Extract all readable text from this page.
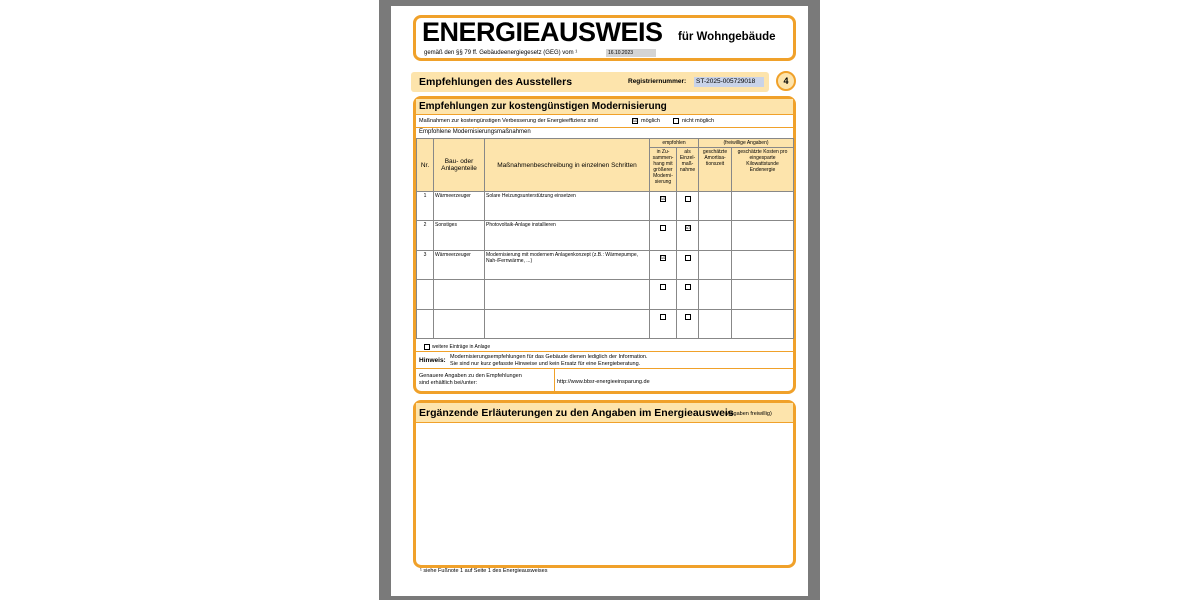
ENERGIEAUSWEIS für Wohngebäude
gemäß den §§ 79 ff. Gebäudeenergiegesetz (GEG) vom ¹	16.10.2023
Empfehlungen des Ausstellers	Registriernummer:	ST-2025-005729018	4
Empfehlungen zur kostengünstigen Modernisierung
Maßnahmen zur kostengünstigen Verbesserung der Energieeffizienz sind	☑ möglich	nicht möglich
Empfohlene Modernisierungsmaßnahmen
Nr.	Bau- oder Anlagenteile	Maßnahmenbeschreibung in einzelnen Schritten	empfohlen		(freiwillige Angaben)	
			in Zu-sammen-hang mit größerer Moderni-sierung	als Einzel-maß-nahme	geschätzte Amortisa-tionszeit	geschätzte Kosten pro eingesparte Kilowattstunde Endenergie

1	Wärmeerzeuger	Solare Heizungsunterstützung einsetzen	☑			
2	Sonstiges	Photovoltaik-Anlage installieren		☑		
3	Wärmeerzeuger	Modernisierung mit modernem Anlagenkonzept (z.B.: Wärmepumpe, Nah-/Fernwärme, ...)	☑			

weitere Einträge in Anlage
Hinweis: Modernisierungsempfehlungen für das Gebäude dienen lediglich der Information.
Sie sind nur kurz gefasste Hinweise und kein Ersatz für eine Energieberatung.
Genauere Angaben zu den Empfehlungen
sind erhältlich bei/unter:	http://www.bbsr-energieeinsparung.de
Ergänzende Erläuterungen zu den Angaben im Energieausweis
(Angaben freiwillig)
¹ siehe Fußnote 1 auf Seite 1 des Energieausweises
